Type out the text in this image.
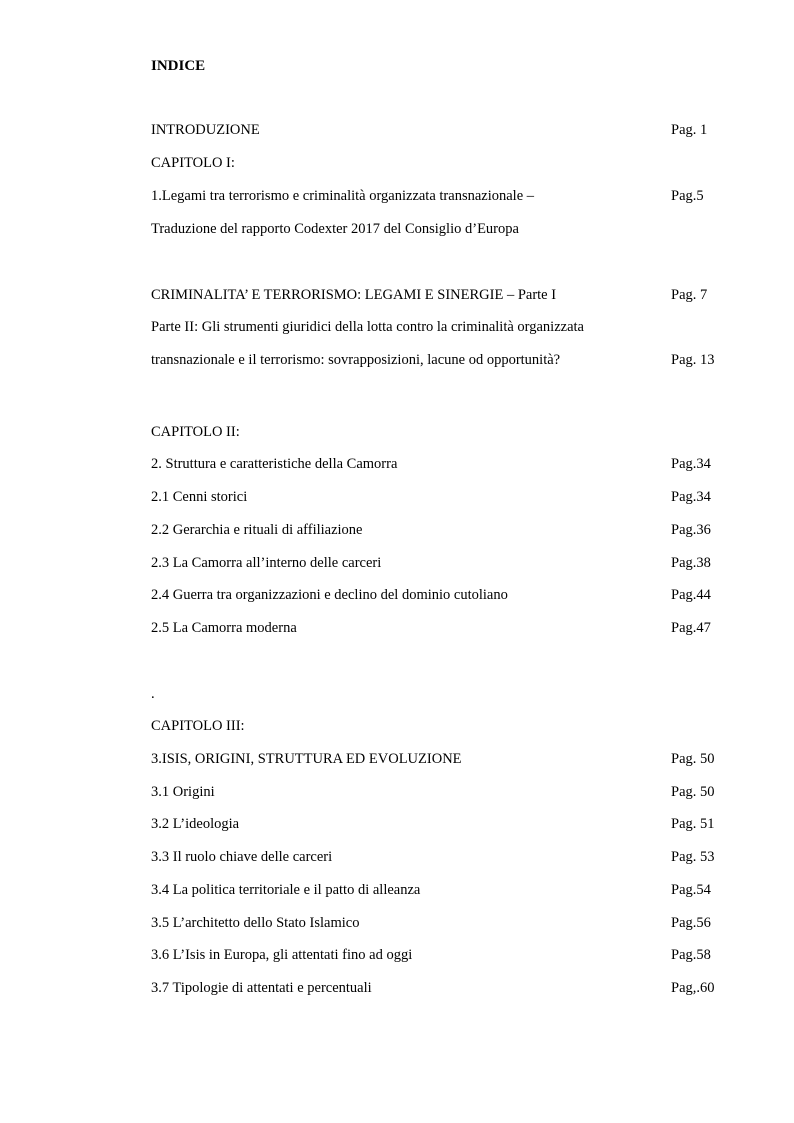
INDICE
INTRODUZIONE	Pag. 1
CAPITOLO I:
1.Legami tra terrorismo e criminalità organizzata transnazionale –	Pag.5
Traduzione del rapporto Codexter 2017 del Consiglio d’Europa
CRIMINALITA’ E TERRORISMO: LEGAMI E SINERGIE – Parte I	Pag. 7
Parte II: Gli strumenti giuridici della lotta contro la criminalità organizzata
transnazionale e il terrorismo: sovrapposizioni, lacune od opportunità?	Pag. 13
CAPITOLO II:
2. Struttura e caratteristiche della Camorra	Pag.34
2.1 Cenni storici	Pag.34
2.2 Gerarchia e rituali di affiliazione	Pag.36
2.3 La Camorra all’interno delle carceri	Pag.38
2.4 Guerra tra organizzazioni e declino del dominio cutoliano	Pag.44
2.5 La Camorra moderna	Pag.47
.
CAPITOLO III:
3.ISIS, ORIGINI, STRUTTURA ED EVOLUZIONE	Pag. 50
3.1 Origini	Pag. 50
3.2 L’ideologia	Pag. 51
3.3 Il ruolo chiave delle carceri	Pag. 53
3.4 La politica territoriale e il patto di alleanza	Pag.54
3.5 L’architetto dello Stato Islamico	Pag.56
3.6 L’Isis in Europa, gli attentati fino ad oggi	Pag.58
3.7 Tipologie di attentati e percentuali	Pag,.60
